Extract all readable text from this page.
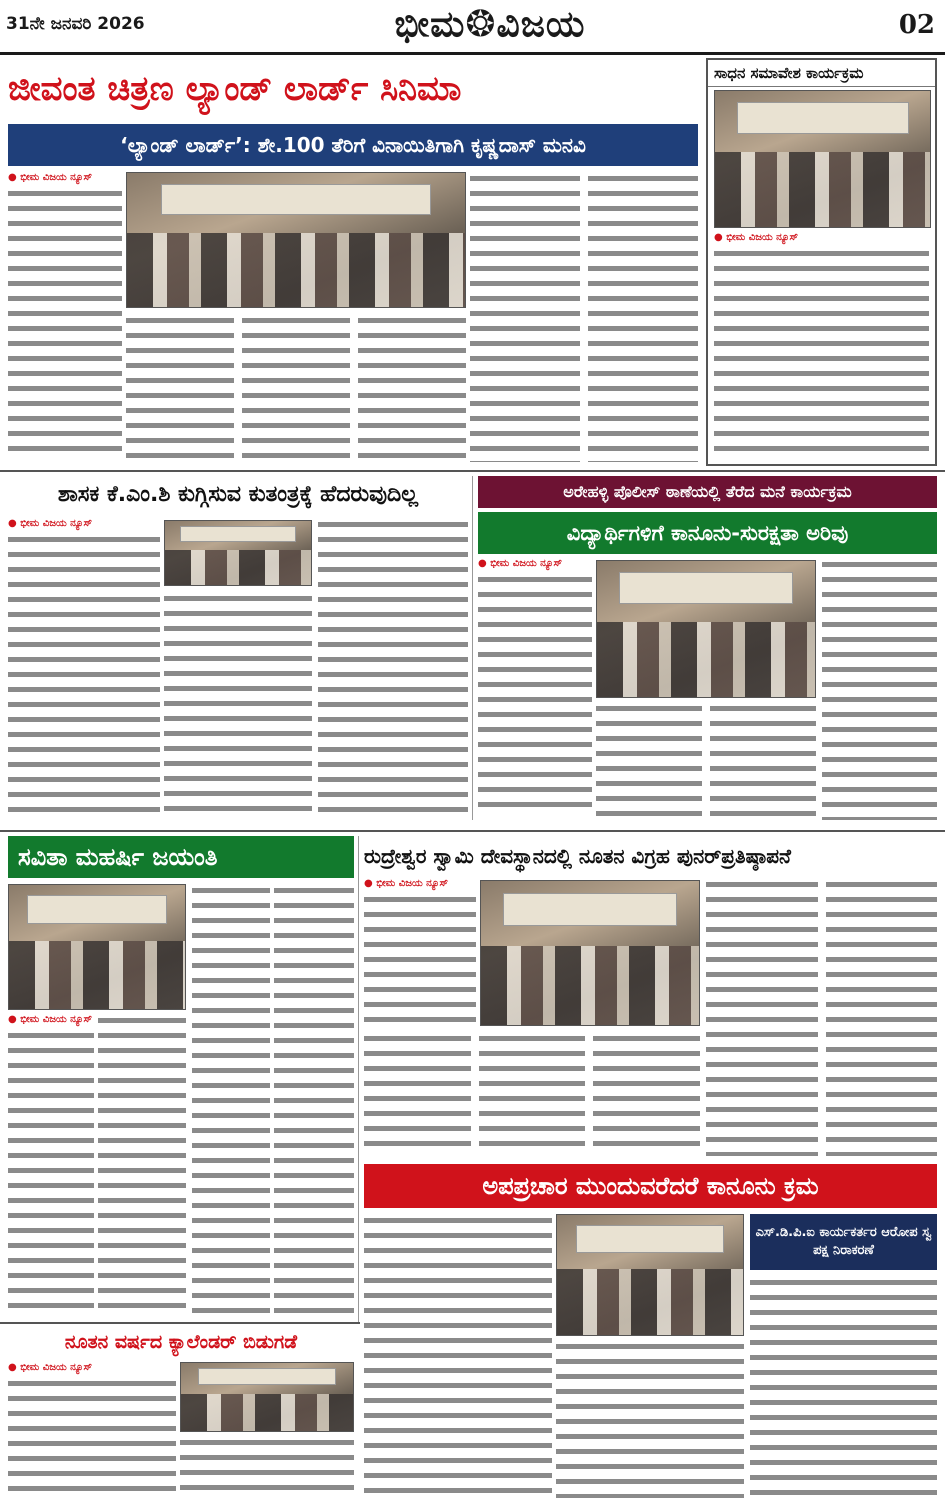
31ನೇ ಜನವರಿ 2026	ಭೀಮ❂ವಿಜಯ	02
ಜೀವಂತ ಚಿತ್ರಣ ಲ್ಯಾಂಡ್ ಲಾರ್ಡ್ ಸಿನಿಮಾ
‘ಲ್ಯಾಂಡ್ ಲಾರ್ಡ್’: ಶೇ.100 ತೆರಿಗೆ ವಿನಾಯಿತಿಗಾಗಿ ಕೃಷ್ಣದಾಸ್ ಮನವಿ
● ಭೀಮ ವಿಜಯ ನ್ಯೂಸ್
ಸಾಧನ ಸಮಾವೇಶ ಕಾರ್ಯಕ್ರಮ
● ಭೀಮ ವಿಜಯ ನ್ಯೂಸ್
ಶಾಸಕ ಕೆ.ಎಂ.ಶಿ ಕುಗ್ಗಿಸುವ ಕುತಂತ್ರಕ್ಕೆ ಹೆದರುವುದಿಲ್ಲ
● ಭೀಮ ವಿಜಯ ನ್ಯೂಸ್
ಅರೇಹಳ್ಳಿ ಪೊಲೀಸ್ ಠಾಣೆಯಲ್ಲಿ ತೆರೆದ ಮನೆ ಕಾರ್ಯಕ್ರಮ
ವಿದ್ಯಾರ್ಥಿಗಳಿಗೆ ಕಾನೂನು-ಸುರಕ್ಷತಾ ಅರಿವು
● ಭೀಮ ವಿಜಯ ನ್ಯೂಸ್
ಸವಿತಾ ಮಹರ್ಷಿ ಜಯಂತಿ
● ಭೀಮ ವಿಜಯ ನ್ಯೂಸ್
ರುದ್ರೇಶ್ವರ ಸ್ವಾಮಿ ದೇವಸ್ಥಾನದಲ್ಲಿ ನೂತನ ವಿಗ್ರಹ ಪುನರ್‌ಪ್ರತಿಷ್ಠಾಪನೆ
● ಭೀಮ ವಿಜಯ ನ್ಯೂಸ್
ಅಪಪ್ರಚಾರ ಮುಂದುವರೆದರೆ ಕಾನೂನು ಕ್ರಮ
ಎಸ್.ಡಿ.ಪಿ.ಐ ಕಾರ್ಯಕರ್ತರ ಆರೋಪ ಸ್ವ ಪಕ್ಷ ನಿರಾಕರಣೆ
ನೂತನ ವರ್ಷದ ಕ್ಯಾಲೆಂಡರ್ ಬಿಡುಗಡೆ
● ಭೀಮ ವಿಜಯ ನ್ಯೂಸ್
